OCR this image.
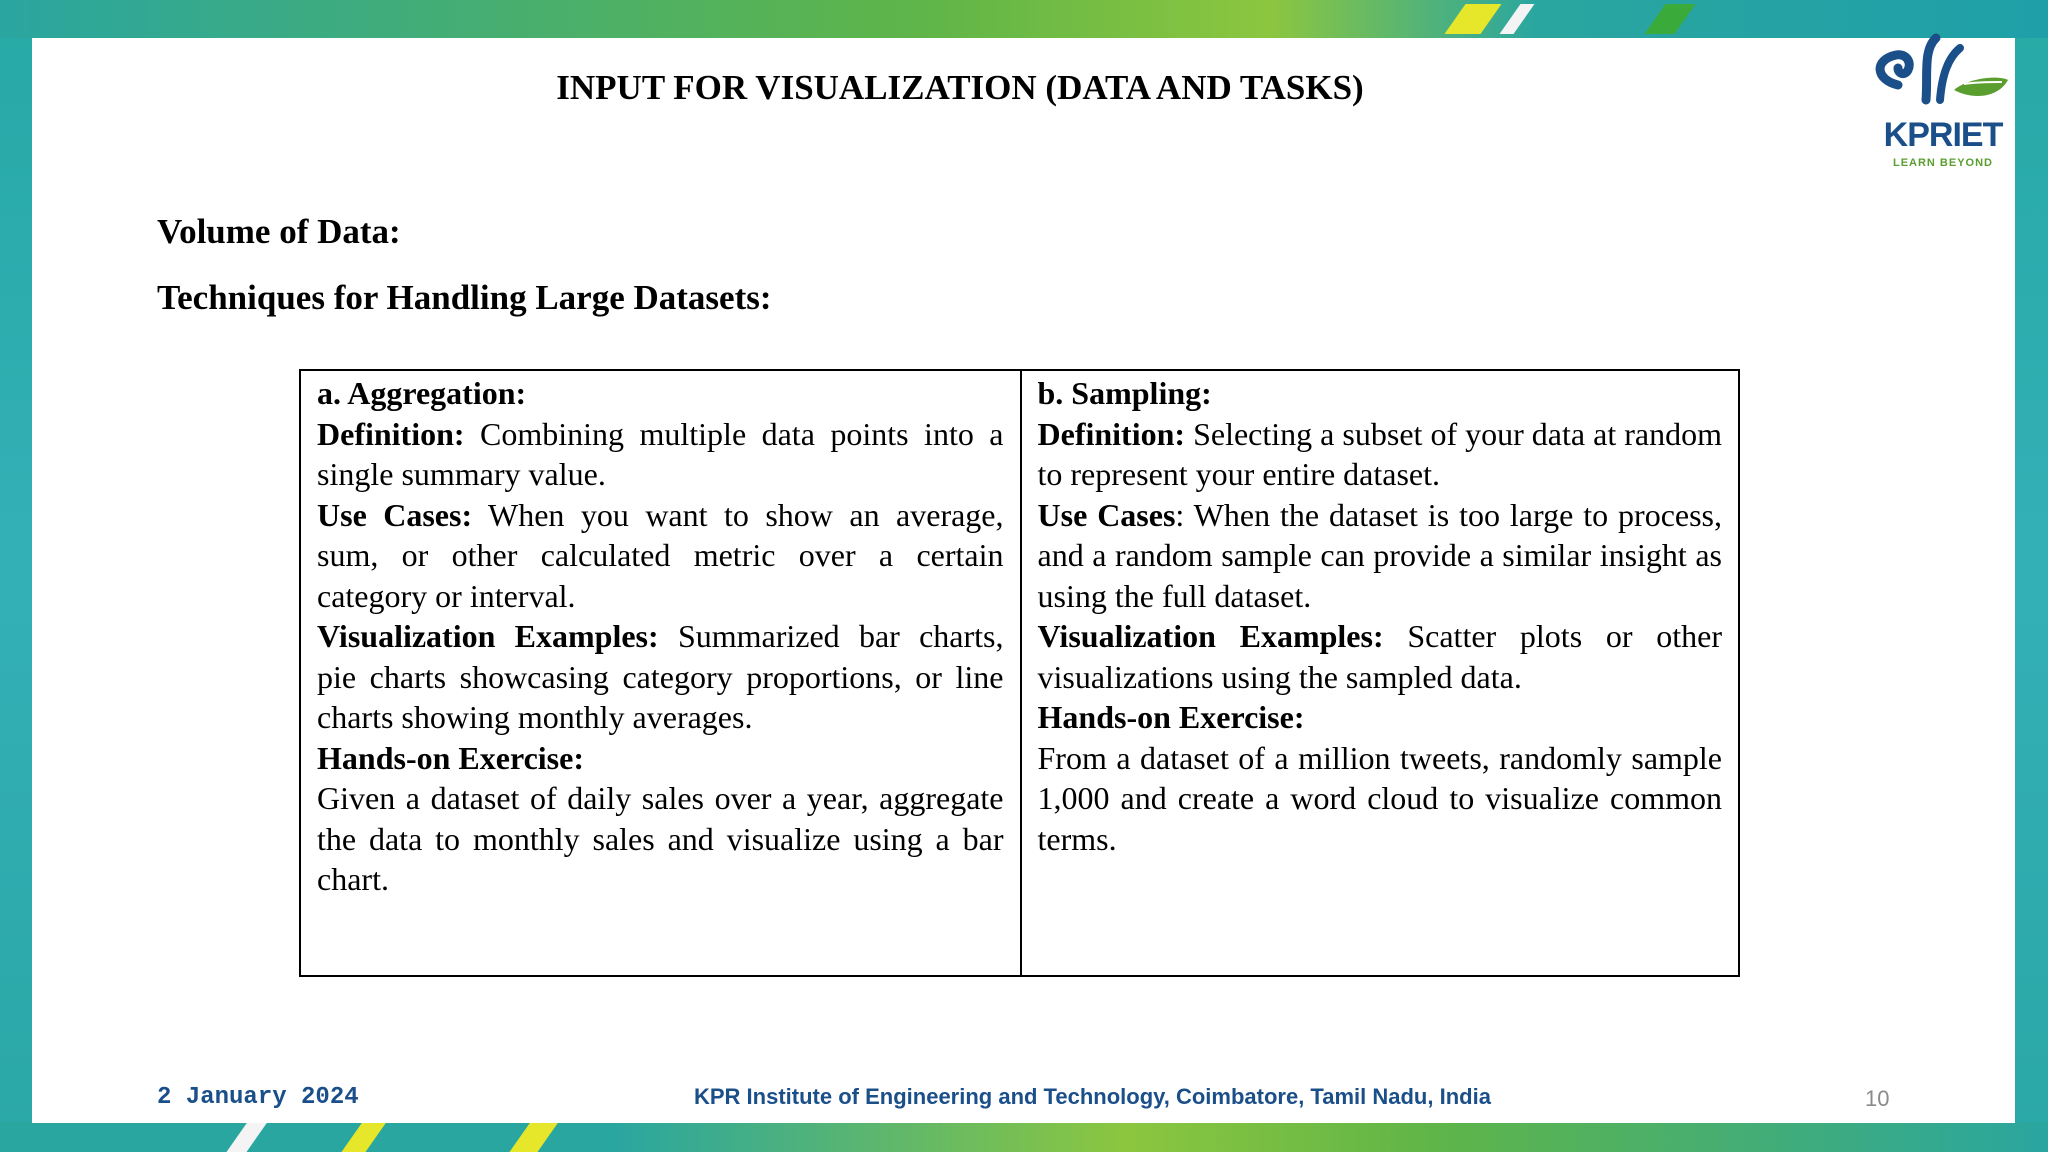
INPUT FOR VISUALIZATION (DATA AND TASKS)
Volume of Data:
Techniques for Handling Large Datasets:
KPRIET
LEARN BEYOND

a. Aggregation:

Definition: Combining multiple data points into a single summary value.

Use Cases: When you want to show an average, sum, or other calculated metric over a certain category or interval.

Visualization Examples: Summarized bar charts, pie charts showcasing category proportions, or line charts showing monthly averages.

Hands-on Exercise:

Given a dataset of daily sales over a year, aggregate the data to monthly sales and visualize using a bar chart.

b. Sampling:

Definition: Selecting a subset of your data at random to represent your entire dataset.

Use Cases: When the dataset is too large to process, and a random sample can provide a similar insight as using the full dataset.

Visualization Examples: Scatter plots or other visualizations using the sampled data.

Hands-on Exercise:

From a dataset of a million tweets, randomly sample 1,000 and create a word cloud to visualize common terms.

2 January 2024	KPR Institute of Engineering and Technology, Coimbatore, Tamil Nadu, India	10
